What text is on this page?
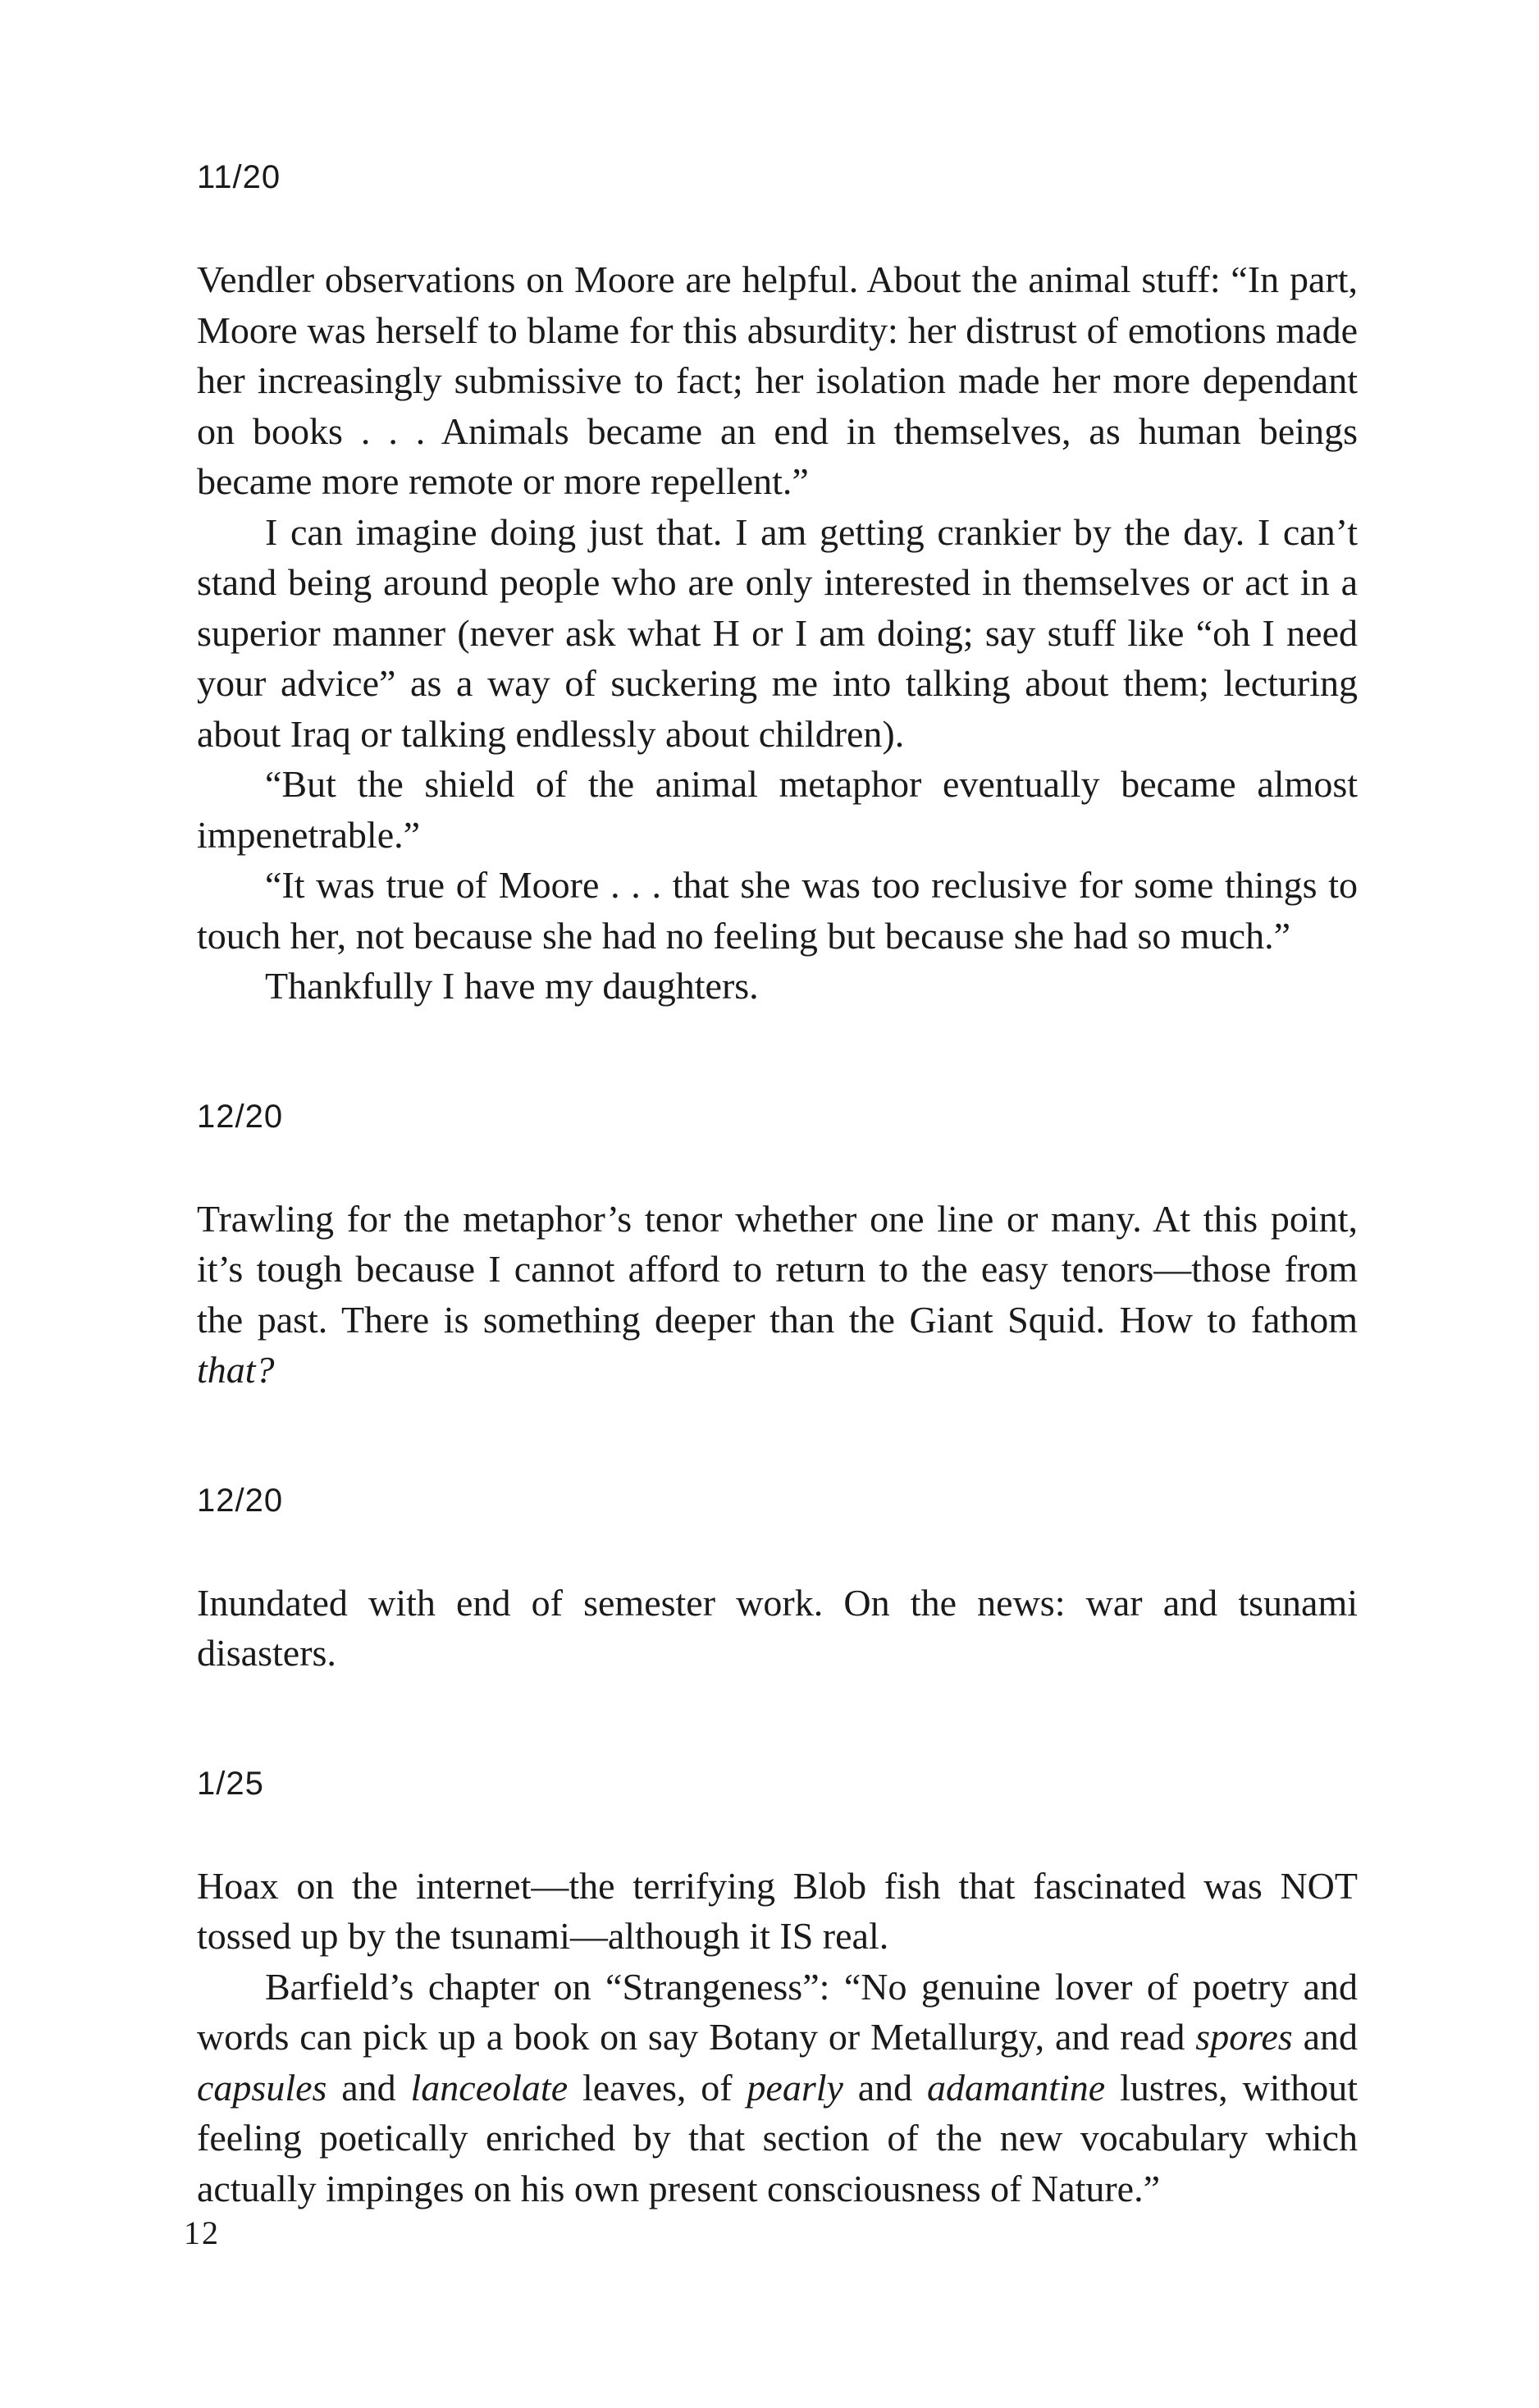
11/20

Vendler observations on Moore are helpful. About the animal stuff: “In part, Moore was herself to blame for this absurdity: her distrust of emotions made her increasingly submissive to fact; her isolation made her more dependant on books . . . Animals became an end in themselves, as human beings became more remote or more repellent.”

I can imagine doing just that. I am getting crankier by the day. I can’t stand being around people who are only interested in themselves or act in a superior manner (never ask what H or I am doing; say stuff like “oh I need your advice” as a way of suckering me into talking about them; lecturing about Iraq or talking endlessly about children).

“But the shield of the animal metaphor eventually became almost impenetrable.”

“It was true of Moore . . . that she was too reclusive for some things to touch her, not because she had no feeling but because she had so much.”

Thankfully I have my daughters.

12/20

Trawling for the metaphor’s tenor whether one line or many. At this point, it’s tough because I cannot afford to return to the easy tenors—those from the past. There is something deeper than the Giant Squid. How to fathom that?

12/20

Inundated with end of semester work. On the news: war and tsunami disasters.

1/25

Hoax on the internet—the terrifying Blob fish that fascinated was NOT tossed up by the tsunami—although it IS real.

Barfield’s chapter on “Strangeness”: “No genuine lover of poetry and words can pick up a book on say Botany or Metallurgy, and read spores and capsules and lanceolate leaves, of pearly and adamantine lustres, without feeling poetically enriched by that section of the new vocabulary which actually impinges on his own present consciousness of Nature.”

12
